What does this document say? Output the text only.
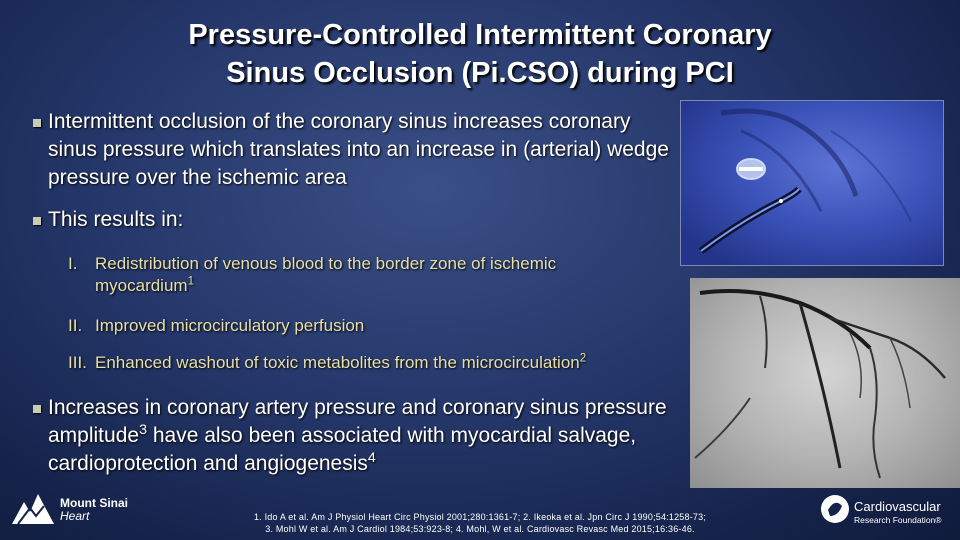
Pressure-Controlled Intermittent Coronary
Sinus Occlusion (Pi.CSO) during PCI
Intermittent occlusion of the coronary sinus increases coronary sinus pressure which translates into an increase in (arterial) wedge pressure over the ischemic area
This results in:
I. Redistribution of venous blood to the border zone of ischemic myocardium$^1$
II. Improved microcirculatory perfusion
III. Enhanced washout of toxic metabolites from the microcirculation$^2$
Increases in coronary artery pressure and coronary sinus pressure amplitude$^3$ have also been associated with myocardial salvage, cardioprotection and angiogenesis$^4$
Mount Sinai
Heart	1. Ido A et al. Am J Physiol Heart Circ Physiol 2001;280:1361-7; 2. Ikeoka et al. Jpn Circ J 1990;54:1258-73;
3. Mohl W et al. Am J Cardiol 1984;53:923-8; 4. Mohl, W et al. Cardiovasc Revasc Med 2015;16:36-46.
Cardiovascular
Research Foundation®
